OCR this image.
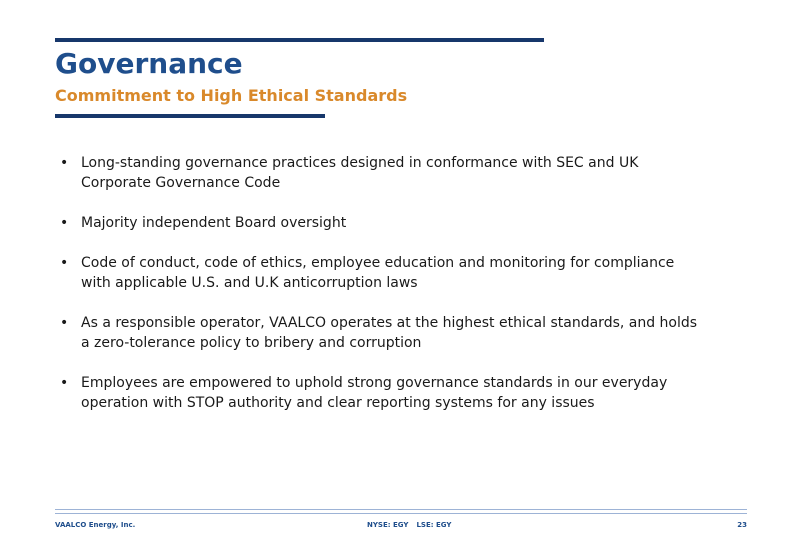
Governance
Commitment to High Ethical Standards
• Long-standing governance practices designed in conformance with SEC and UK
Corporate Governance Code
• Majority independent Board oversight
• Code of conduct, code of ethics, employee education and monitoring for compliance
with applicable U.S. and U.K anticorruption laws
• As a responsible operator, VAALCO operates at the highest ethical standards, and holds
a zero-tolerance policy to bribery and corruption
• Employees are empowered to uphold strong governance standards in our everyday
operation with STOP authority and clear reporting systems for any issues
VAALCO Energy, Inc.	NYSE: EGY LSE: EGY	23
